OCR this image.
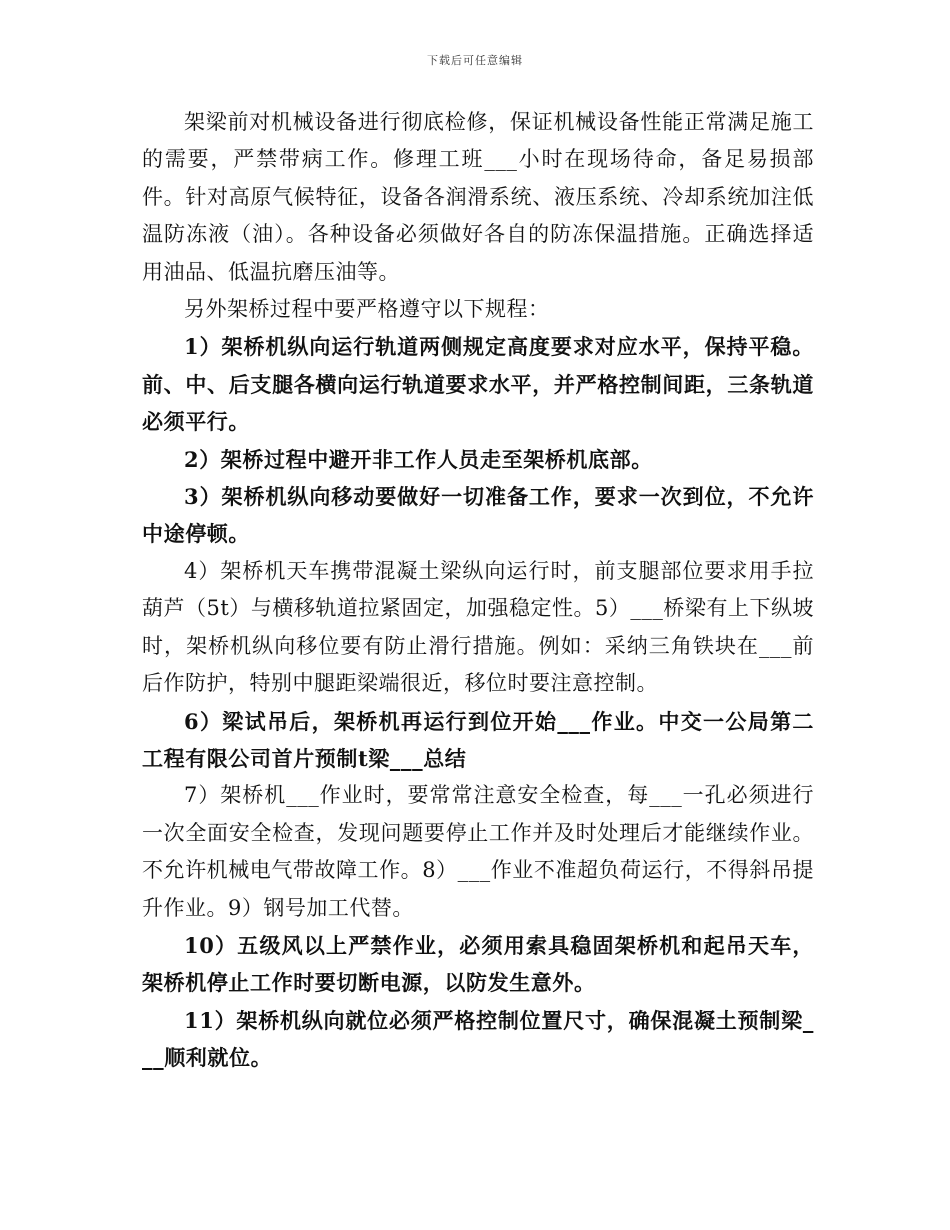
下载后可任意编辑

架梁前对机械设备进行彻底检修，保证机械设备性能正常满足施工的需要，严禁带病工作。修理工班___小时在现场待命，备足易损部件。针对高原气候特征，设备各润滑系统、液压系统、冷却系统加注低温防冻液（油）。各种设备必须做好各自的防冻保温措施。正确选择适用油品、低温抗磨压油等。

另外架桥过程中要严格遵守以下规程：

1）架桥机纵向运行轨道两侧规定高度要求对应水平，保持平稳。前、中、后支腿各横向运行轨道要求水平，并严格控制间距，三条轨道必须平行。

2）架桥过程中避开非工作人员走至架桥机底部。

3）架桥机纵向移动要做好一切准备工作，要求一次到位，不允许中途停顿。

4）架桥机天车携带混凝土梁纵向运行时，前支腿部位要求用手拉葫芦（5t）与横移轨道拉紧固定，加强稳定性。5）___桥梁有上下纵坡时，架桥机纵向移位要有防止滑行措施。例如：采纳三角铁块在___前后作防护，特别中腿距梁端很近，移位时要注意控制。

6）梁试吊后，架桥机再运行到位开始___作业。中交一公局第二工程有限公司首片预制t梁___总结

7）架桥机___作业时，要常常注意安全检查，每___一孔必须进行一次全面安全检查，发现问题要停止工作并及时处理后才能继续作业。不允许机械电气带故障工作。8）___作业不准超负荷运行，不得斜吊提升作业。9）钢号加工代替。

10）五级风以上严禁作业，必须用索具稳固架桥机和起吊天车，架桥机停止工作时要切断电源，以防发生意外。

11）架桥机纵向就位必须严格控制位置尺寸，确保混凝土预制梁___顺利就位。
